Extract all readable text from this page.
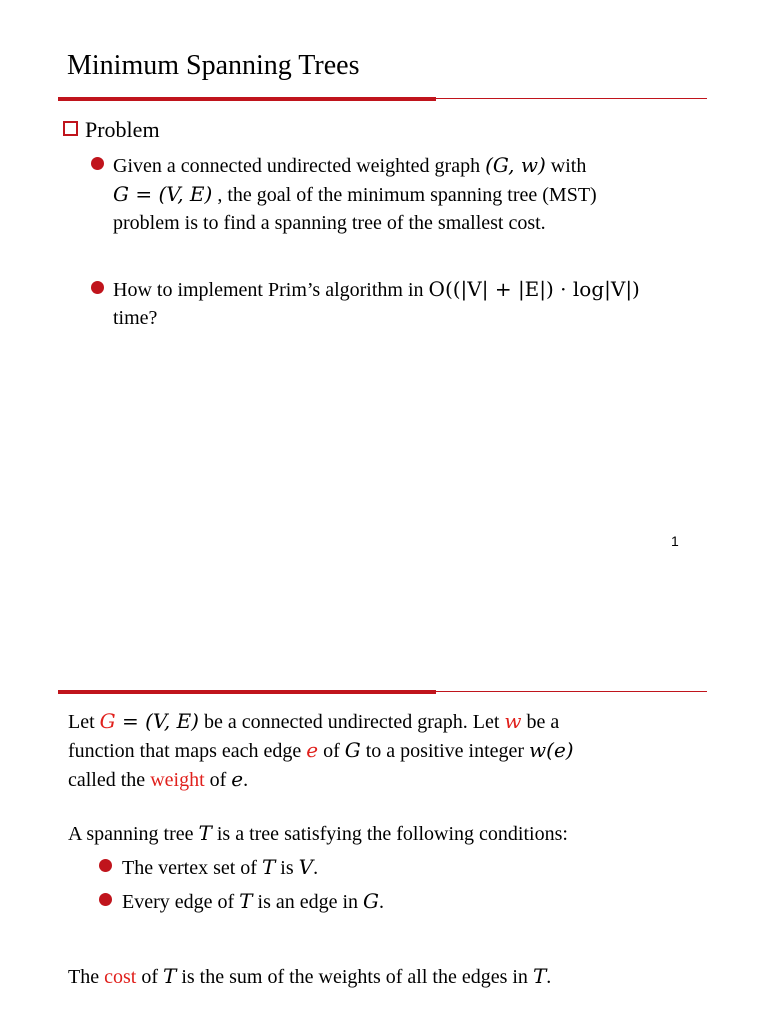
Minimum Spanning Trees
Problem
Given a connected undirected weighted graph (G, w) with
G = (V, E) , the goal of the minimum spanning tree (MST)
problem is to find a spanning tree of the smallest cost.
How to implement Prim’s algorithm in O((|V| + |E|) · log|V|)
time?
1
Let G = (V, E) be a connected undirected graph. Let w be a
function that maps each edge e of G to a positive integer w(e)
called the weight of e.
A spanning tree T is a tree satisfying the following conditions:
The vertex set of T is V.
Every edge of T is an edge in G.
The cost of T is the sum of the weights of all the edges in T.
